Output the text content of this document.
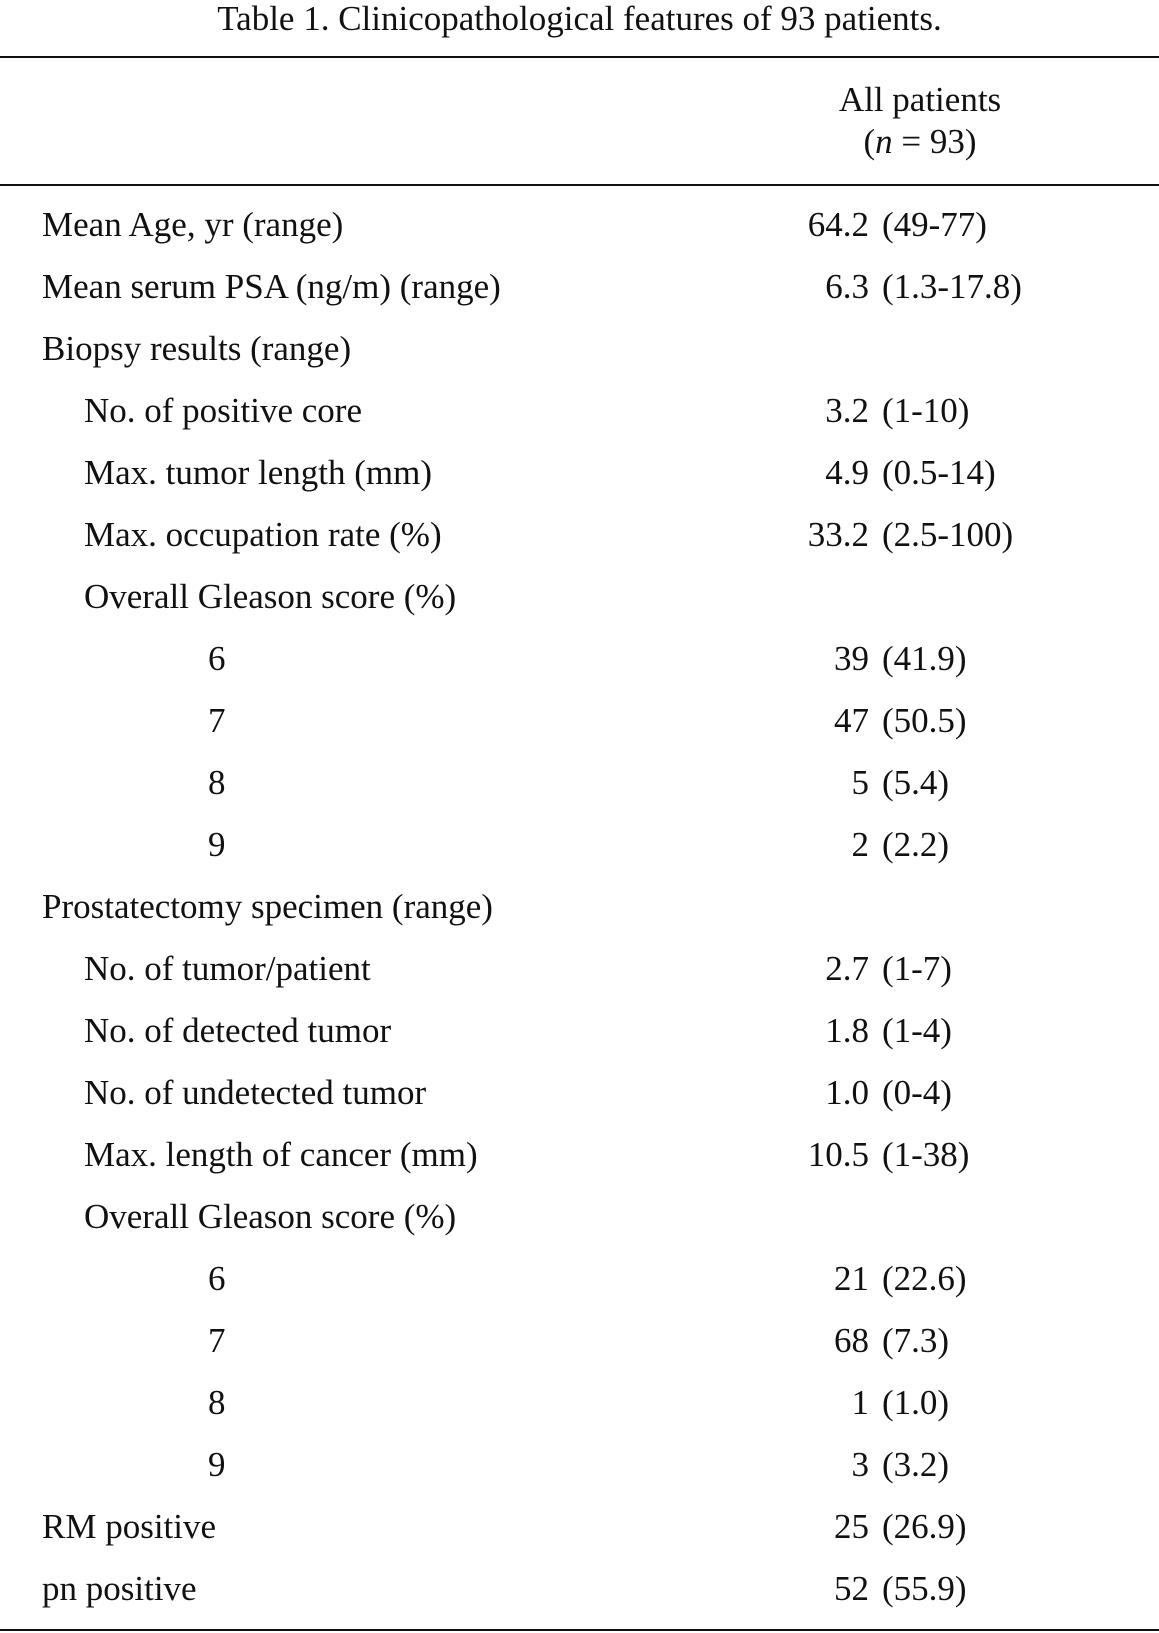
Table 1. Clinicopathological features of 93 patients.
All patients
(n = 93)
Mean Age, yr (range)	64.2 (49-77)
Mean serum PSA (ng/m) (range)	6.3 (1.3-17.8)
Biopsy results (range)
No. of positive core	3.2 (1-10)
Max. tumor length (mm)	4.9 (0.5-14)
Max. occupation rate (%)	33.2 (2.5-100)
Overall Gleason score (%)
6	39 (41.9)
7	47 (50.5)
8	5 (5.4)
9	2 (2.2)
Prostatectomy specimen (range)
No. of tumor/patient	2.7 (1-7)
No. of detected tumor	1.8 (1-4)
No. of undetected tumor	1.0 (0-4)
Max. length of cancer (mm)	10.5 (1-38)
Overall Gleason score (%)
6	21 (22.6)
7	68 (7.3)
8	1 (1.0)
9	3 (3.2)
RM positive	25 (26.9)
pn positive	52 (55.9)
